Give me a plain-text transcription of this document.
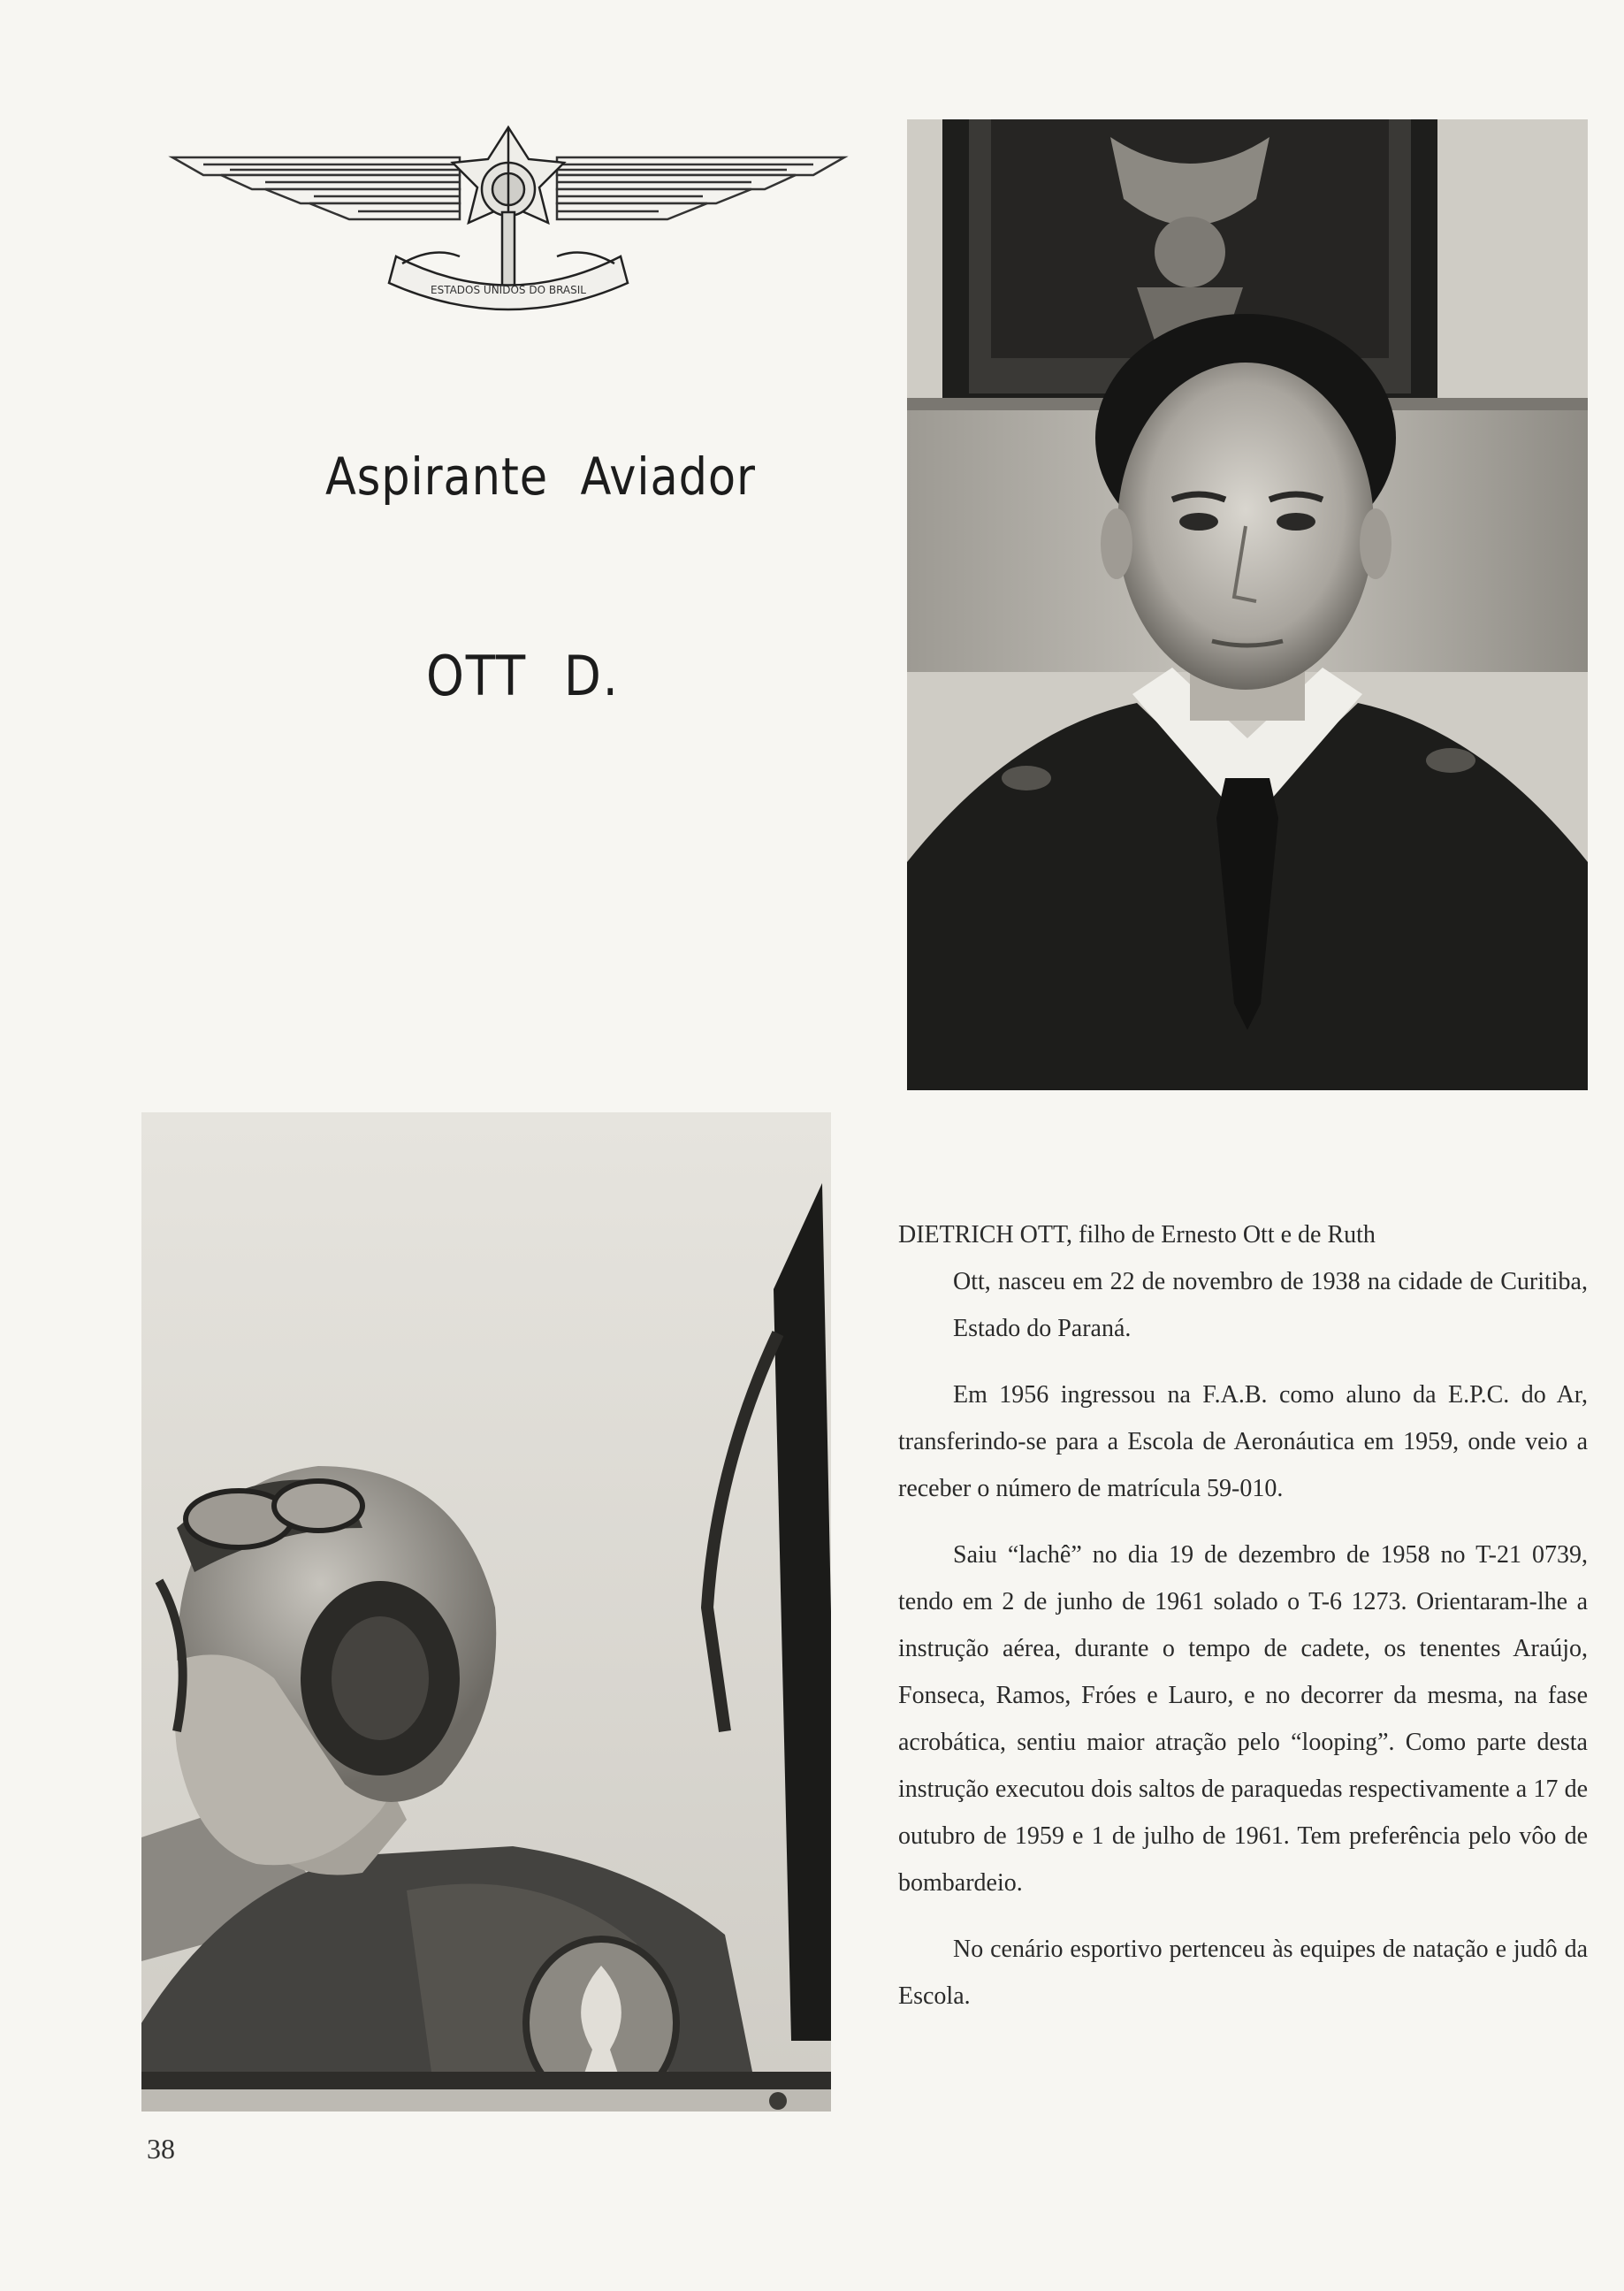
ESTADOS UNIDOS DO BRASIL
Aspirante Aviador
OTT D.

DIETRICH OTT, filho de Ernesto Ott e de Ruth
Ott, nasceu em 22 de novembro de 1938 na cidade de Curitiba, Estado do Paraná.

Em 1956 ingressou na F.A.B. como aluno da E.P.C. do Ar, transferindo-se para a Escola de Aeronáutica em 1959, onde veio a receber o número de matrícula 59-010.

Saiu “lachê” no dia 19 de dezembro de 1958 no T-21 0739, tendo em 2 de junho de 1961 solado o T-6 1273. Orientaram-lhe a instrução aérea, durante o tempo de cadete, os tenentes Araújo, Fonseca, Ramos, Fróes e Lauro, e no decorrer da mesma, na fase acrobática, sentiu maior atração pelo “looping”. Como parte desta instrução executou dois saltos de paraquedas respectivamente a 17 de outubro de 1959 e 1 de julho de 1961. Tem preferência pelo vôo de bombardeio.

No cenário esportivo pertenceu às equipes de natação e judô da Escola.

38
